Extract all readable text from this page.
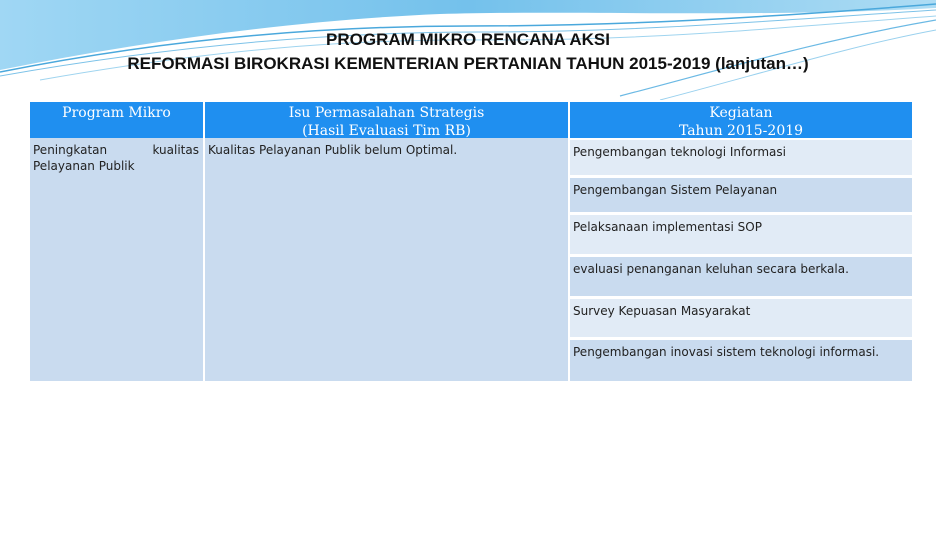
PROGRAM MIKRO RENCANA AKSI
REFORMASI BIROKRASI KEMENTERIAN PERTANIAN TAHUN 2015-2019 (lanjutan…)
Program Mikro	Isu Permasalahan Strategis
(Hasil Evaluasi Tim RB)
Kegiatan
Tahun 2015-2019
Peningkatan kualitas Pelayanan Publik
Kualitas Pelayanan Publik belum Optimal.	Pengembangan teknologi Informasi
Pengembangan Sistem Pelayanan
Pelaksanaan implementasi SOP
evaluasi penanganan keluhan secara berkala.
Survey Kepuasan Masyarakat
Pengembangan inovasi sistem teknologi informasi.
